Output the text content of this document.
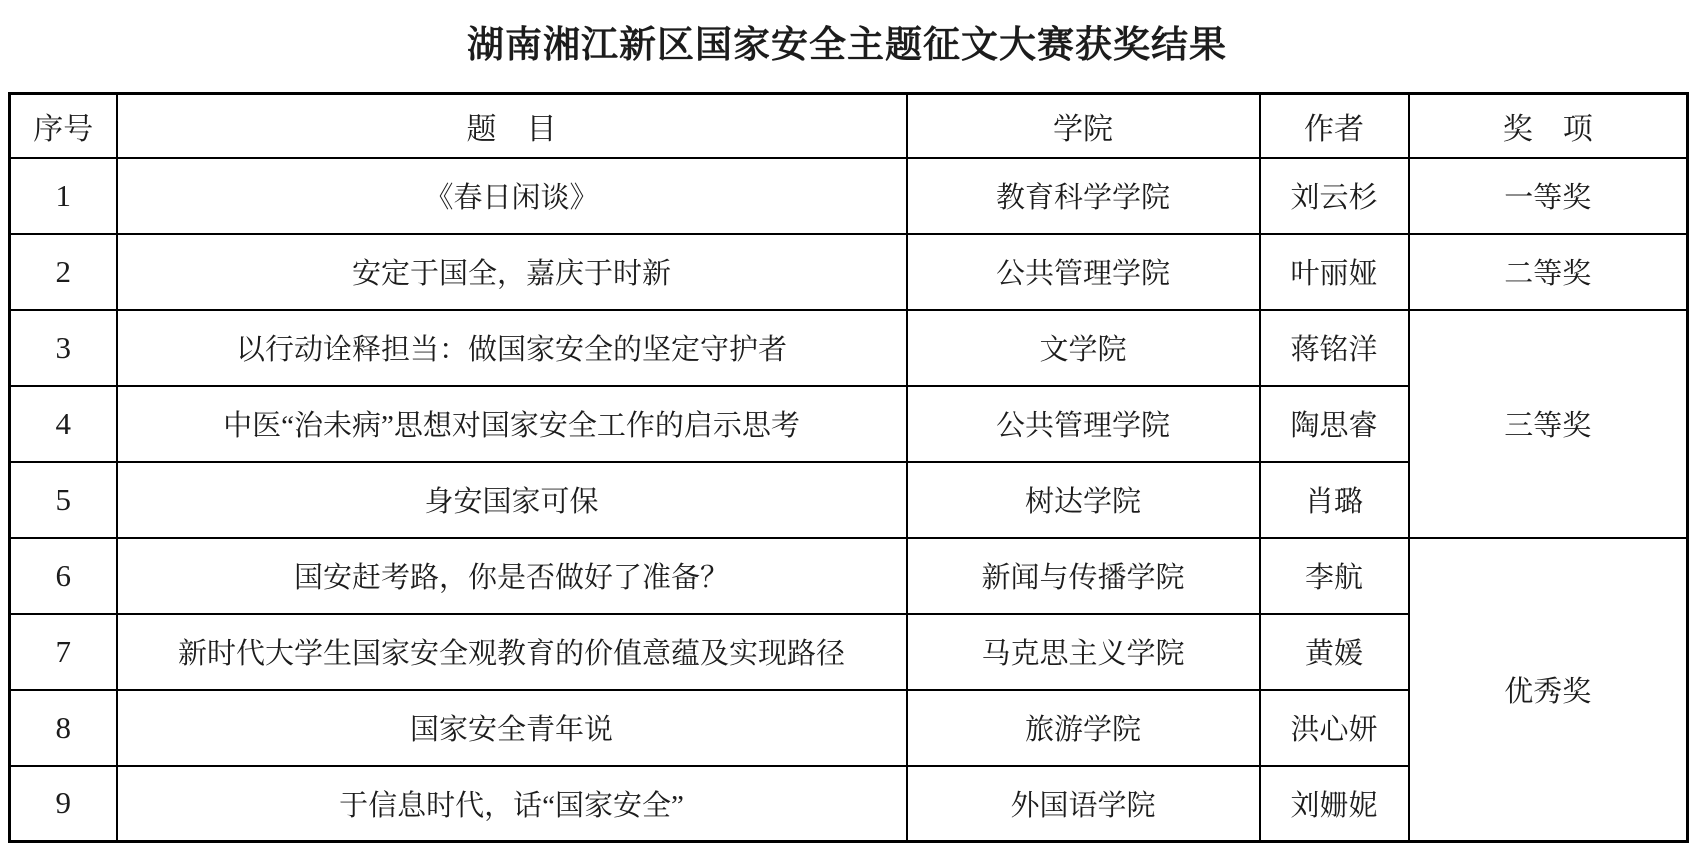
湖南湘江新区国家安全主题征文大赛获奖结果
序号	题　目	学院	作者	奖　项
1	《春日闲谈》	教育科学学院	刘云杉	一等奖
2	安定于国全，嘉庆于时新	公共管理学院	叶丽娅	二等奖
3	以行动诠释担当：做国家安全的坚定守护者	文学院	蒋铭洋	三等奖
4	中医“治未病”思想对国家安全工作的启示思考	公共管理学院	陶思睿	
5	身安国家可保	树达学院	肖璐	
6	国安赶考路，你是否做好了准备？	新闻与传播学院	李航	优秀奖
7	新时代大学生国家安全观教育的价值意蕴及实现路径	马克思主义学院	黄媛	
8	国家安全青年说	旅游学院	洪心妍	
9	于信息时代，话“国家安全”	外国语学院	刘姗妮	
